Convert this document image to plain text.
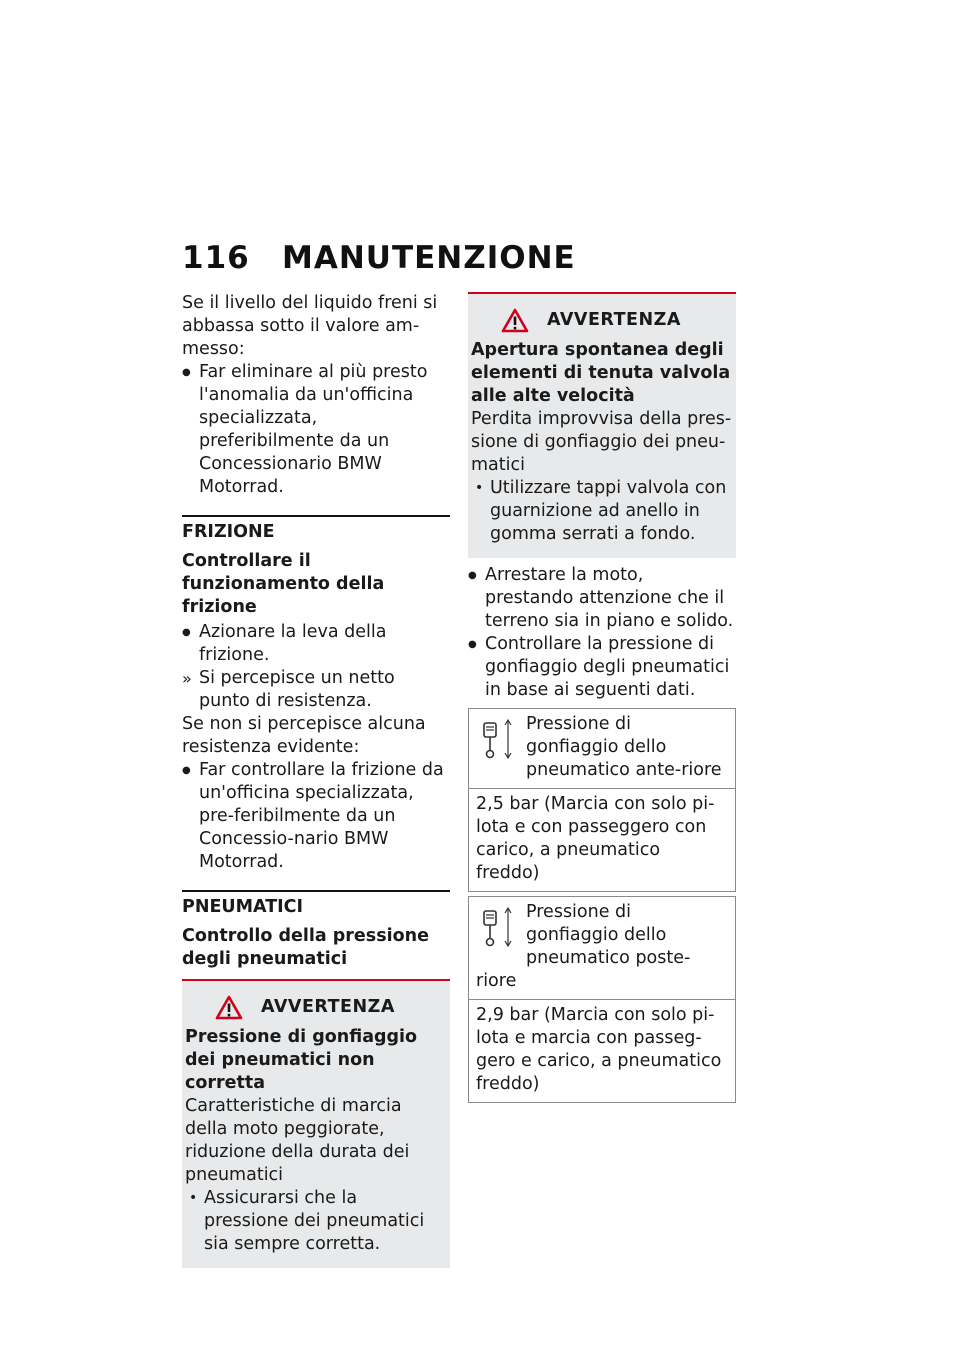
116 MANUTENZIONE

Se il livello del liquido freni si abbassa sotto il valore am-messo:

● Far eliminare al più presto l'anomalia da un'officina specializzata, preferibilmente da un Concessionario BMW Motorrad.
FRIZIONE
Controllare il funzionamento della frizione
● Azionare la leva della frizione.
» Si percepisce un netto punto di resistenza.

Se non si percepisce alcuna resistenza evidente:

● Far controllare la frizione da un'officina specializzata, pre-feribilmente da un Concessio-nario BMW Motorrad.
PNEUMATICI
Controllo della pressione degli pneumatici
AVVERTENZA
Pressione di gonfiaggio dei pneumatici non corretta

Caratteristiche di marcia della moto peggiorate, riduzione della durata dei pneumatici

• Assicurarsi che la pressione dei pneumatici sia sempre corretta.
AVVERTENZA
Apertura spontanea degli elementi di tenuta valvola alle alte velocità

Perdita improvvisa della pres-sione di gonfiaggio dei pneu-matici

• Utilizzare tappi valvola con guarnizione ad anello in gomma serrati a fondo.
● Arrestare la moto, prestando attenzione che il terreno sia in piano e solido.
● Controllare la pressione di gonfiaggio degli pneumatici in base ai seguenti dati.
Pressione di gonfiaggio dello pneumatico ante-riore
2,5 bar (Marcia con solo pi-lota e con passeggero con carico, a pneumatico freddo)
Pressione di gonfiaggio dello pneumatico poste-riore
2,9 bar (Marcia con solo pi-lota e marcia con passeg-gero e carico, a pneumatico freddo)
